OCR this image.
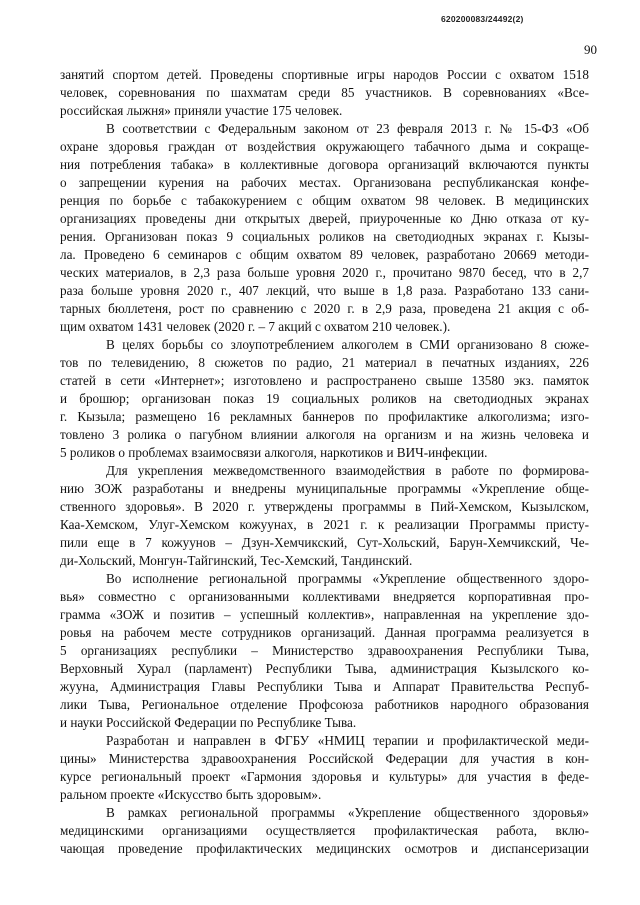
620200083/24492(2)
90
занятий спортом детей. Проведены спортивные игры народов России с охватом 1518
человек, соревнования по шахматам среди 85 участников. В соревнованиях «Все-
российская лыжня» приняли участие 175 человек.
В соответствии с Федеральным законом от 23 февраля 2013 г. № 15-ФЗ «Об
охране здоровья граждан от воздействия окружающего табачного дыма и сокраще-
ния потребления табака» в коллективные договора организаций включаются пункты
о запрещении курения на рабочих местах. Организована республиканская конфе-
ренция по борьбе с табакокурением с общим охватом 98 человек. В медицинских
организациях проведены дни открытых дверей, приуроченные ко Дню отказа от ку-
рения. Организован показ 9 социальных роликов на светодиодных экранах г. Кызы-
ла. Проведено 6 семинаров с общим охватом 89 человек, разработано 20669 методи-
ческих материалов, в 2,3 раза больше уровня 2020 г., прочитано 9870 бесед, что в 2,7
раза больше уровня 2020 г., 407 лекций, что выше в 1,8 раза. Разработано 133 сани-
тарных бюллетеня, рост по сравнению с 2020 г. в 2,9 раза, проведена 21 акция с об-
щим охватом 1431 человек (2020 г. – 7 акций с охватом 210 человек.).
В целях борьбы со злоупотреблением алкоголем в СМИ организовано 8 сюже-
тов по телевидению, 8 сюжетов по радио, 21 материал в печатных изданиях, 226
статей в сети «Интернет»; изготовлено и распространено свыше 13580 экз. памяток
и брошюр; организован показ 19 социальных роликов на светодиодных экранах
г. Кызыла; размещено 16 рекламных баннеров по профилактике алкоголизма; изго-
товлено 3 ролика о пагубном влиянии алкоголя на организм и на жизнь человека и
5 роликов о проблемах взаимосвязи алкоголя, наркотиков и ВИЧ-инфекции.
Для укрепления межведомственного взаимодействия в работе по формирова-
нию ЗОЖ разработаны и внедрены муниципальные программы «Укрепление обще-
ственного здоровья». В 2020 г. утверждены программы в Пий-Хемском, Кызылском,
Каа-Хемском, Улуг-Хемском кожуунах, в 2021 г. к реализации Программы присту-
пили еще в 7 кожуунов – Дзун-Хемчикский, Сут-Хольский, Барун-Хемчикский, Че-
ди-Хольский, Монгун-Тайгинский, Тес-Хемский, Тандинский.
Во исполнение региональной программы «Укрепление общественного здоро-
вья» совместно с организованными коллективами внедряется корпоративная про-
грамма «ЗОЖ и позитив – успешный коллектив», направленная на укрепление здо-
ровья на рабочем месте сотрудников организаций. Данная программа реализуется в
5 организациях республики – Министерство здравоохранения Республики Тыва,
Верховный Хурал (парламент) Республики Тыва, администрация Кызылского ко-
жууна, Администрация Главы Республики Тыва и Аппарат Правительства Респуб-
лики Тыва, Региональное отделение Профсоюза работников народного образования
и науки Российской Федерации по Республике Тыва.
Разработан и направлен в ФГБУ «НМИЦ терапии и профилактической меди-
цины» Министерства здравоохранения Российской Федерации для участия в кон-
курсе региональный проект «Гармония здоровья и культуры» для участия в феде-
ральном проекте «Искусство быть здоровым».
В рамках региональной программы «Укрепление общественного здоровья»
медицинскими организациями осуществляется профилактическая работа, вклю-
чающая проведение профилактических медицинских осмотров и диспансеризации
